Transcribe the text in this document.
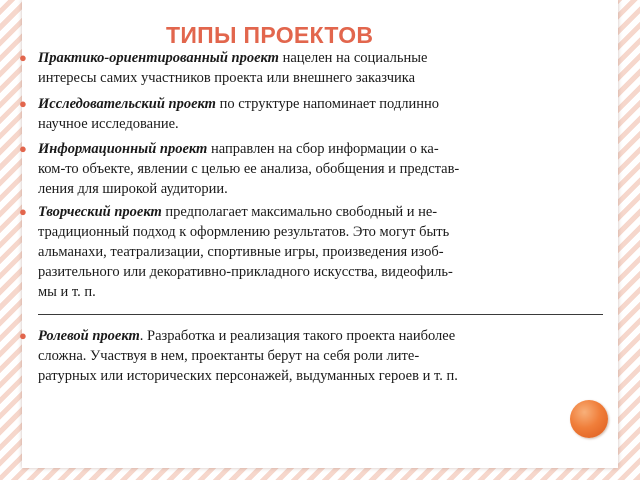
ТИПЫ ПРОЕКТОВ
● Практико-ориентированный проект нацелен на социальные
интересы самих участников проекта или внешнего заказчика
● Исследовательский проект по структуре напоминает подлинно
научное исследование.
● Информационный проект направлен на сбор информации о ка-
ком-то объекте, явлении с целью ее анализа, обобщения и представ-
ления для широкой аудитории.
● Творческий проект предполагает максимально свободный и не-
традиционный подход к оформлению результатов. Это могут быть
альманахи, театрализации, спортивные игры, произведения изоб-
разительного или декоративно-прикладного искусства, видеофиль-
мы и т. п.
● Ролевой проект. Разработка и реализация такого проекта наиболее
сложна. Участвуя в нем, проектанты берут на себя роли лите-
ратурных или исторических персонажей, выдуманных героев и т. п.
